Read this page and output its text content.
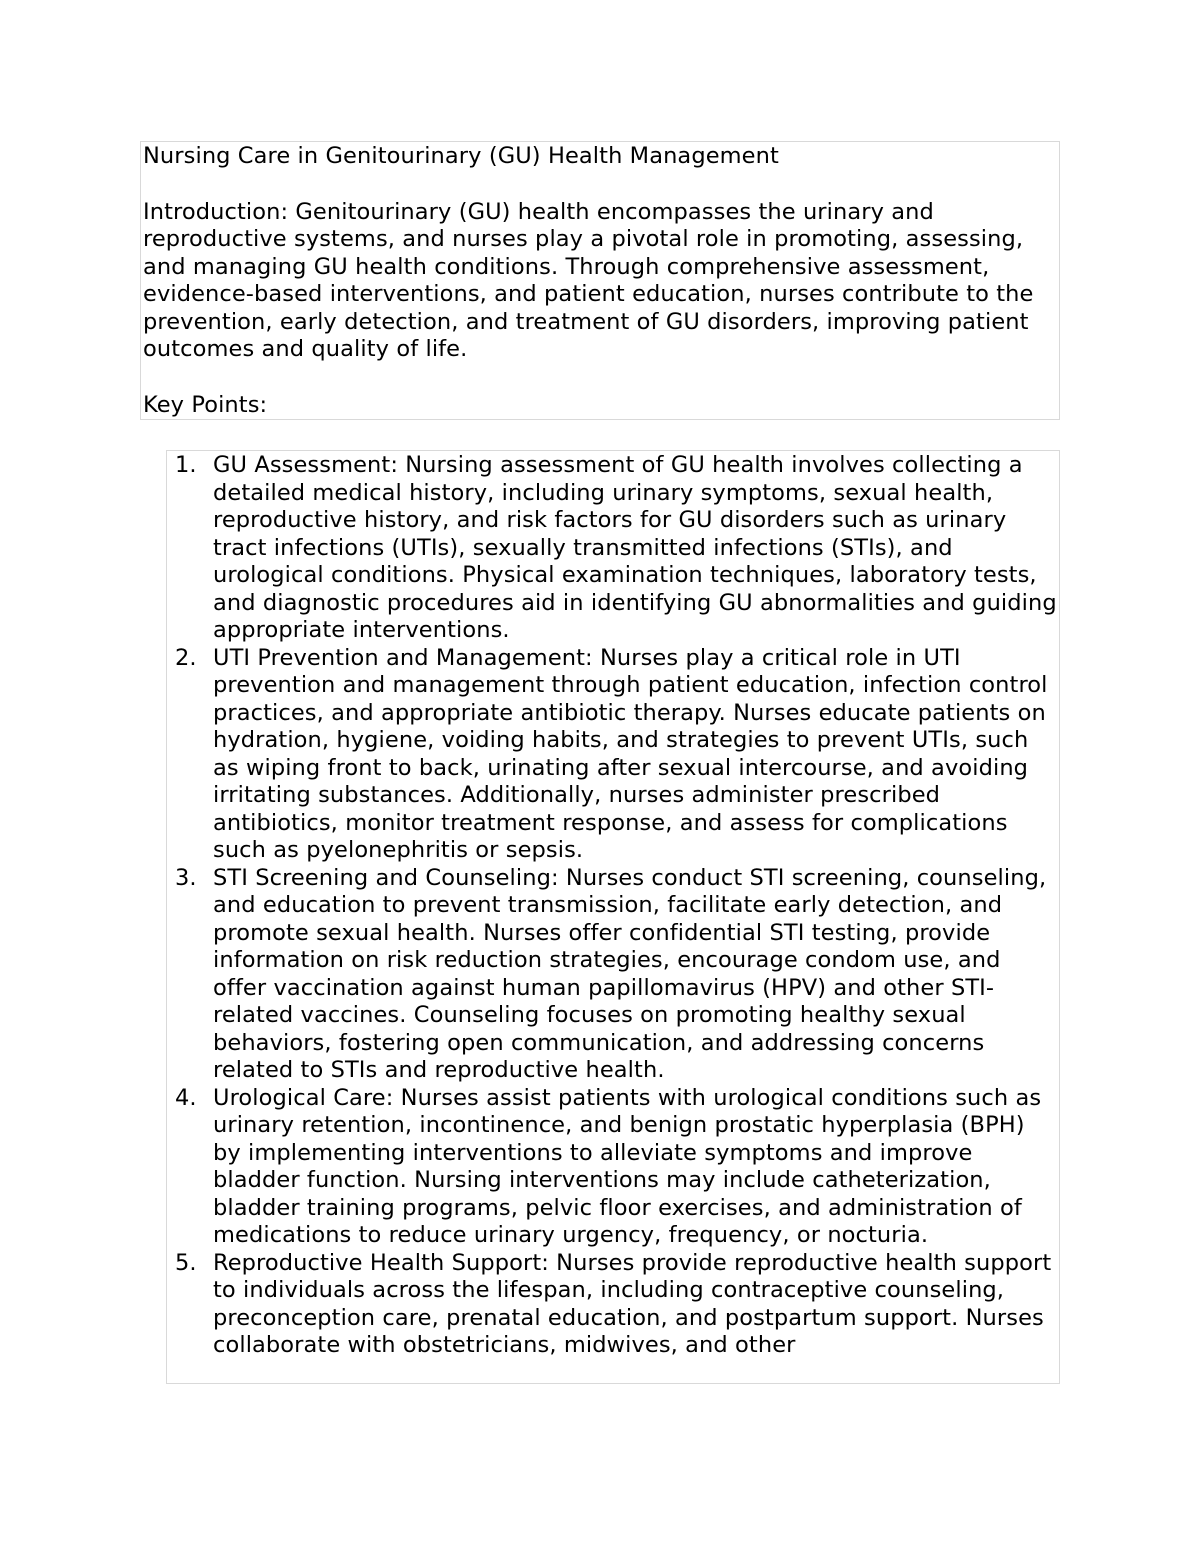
Nursing Care in Genitourinary (GU) Health Management

Introduction: Genitourinary (GU) health encompasses the urinary and reproductive systems, and nurses play a pivotal role in promoting, assessing, and managing GU health conditions. Through comprehensive assessment, evidence-based interventions, and patient education, nurses contribute to the prevention, early detection, and treatment of GU disorders, improving patient outcomes and quality of life.

Key Points:

1. GU Assessment: Nursing assessment of GU health involves collecting a detailed medical history, including urinary symptoms, sexual health, reproductive history, and risk factors for GU disorders such as urinary tract infections (UTIs), sexually transmitted infections (STIs), and urological conditions. Physical examination techniques, laboratory tests, and diagnostic procedures aid in identifying GU abnormalities and guiding appropriate interventions.
2. UTI Prevention and Management: Nurses play a critical role in UTI prevention and management through patient education, infection control practices, and appropriate antibiotic therapy. Nurses educate patients on hydration, hygiene, voiding habits, and strategies to prevent UTIs, such as wiping front to back, urinating after sexual intercourse, and avoiding irritating substances. Additionally, nurses administer prescribed antibiotics, monitor treatment response, and assess for complications such as pyelonephritis or sepsis.
3. STI Screening and Counseling: Nurses conduct STI screening, counseling, and education to prevent transmission, facilitate early detection, and promote sexual health. Nurses offer confidential STI testing, provide information on risk reduction strategies, encourage condom use, and offer vaccination against human papillomavirus (HPV) and other STI-related vaccines. Counseling focuses on promoting healthy sexual behaviors, fostering open communication, and addressing concerns related to STIs and reproductive health.
4. Urological Care: Nurses assist patients with urological conditions such as urinary retention, incontinence, and benign prostatic hyperplasia (BPH) by implementing interventions to alleviate symptoms and improve bladder function. Nursing interventions may include catheterization, bladder training programs, pelvic floor exercises, and administration of medications to reduce urinary urgency, frequency, or nocturia.
5. Reproductive Health Support: Nurses provide reproductive health support to individuals across the lifespan, including contraceptive counseling, preconception care, prenatal education, and postpartum support. Nurses collaborate with obstetricians, midwives, and other
